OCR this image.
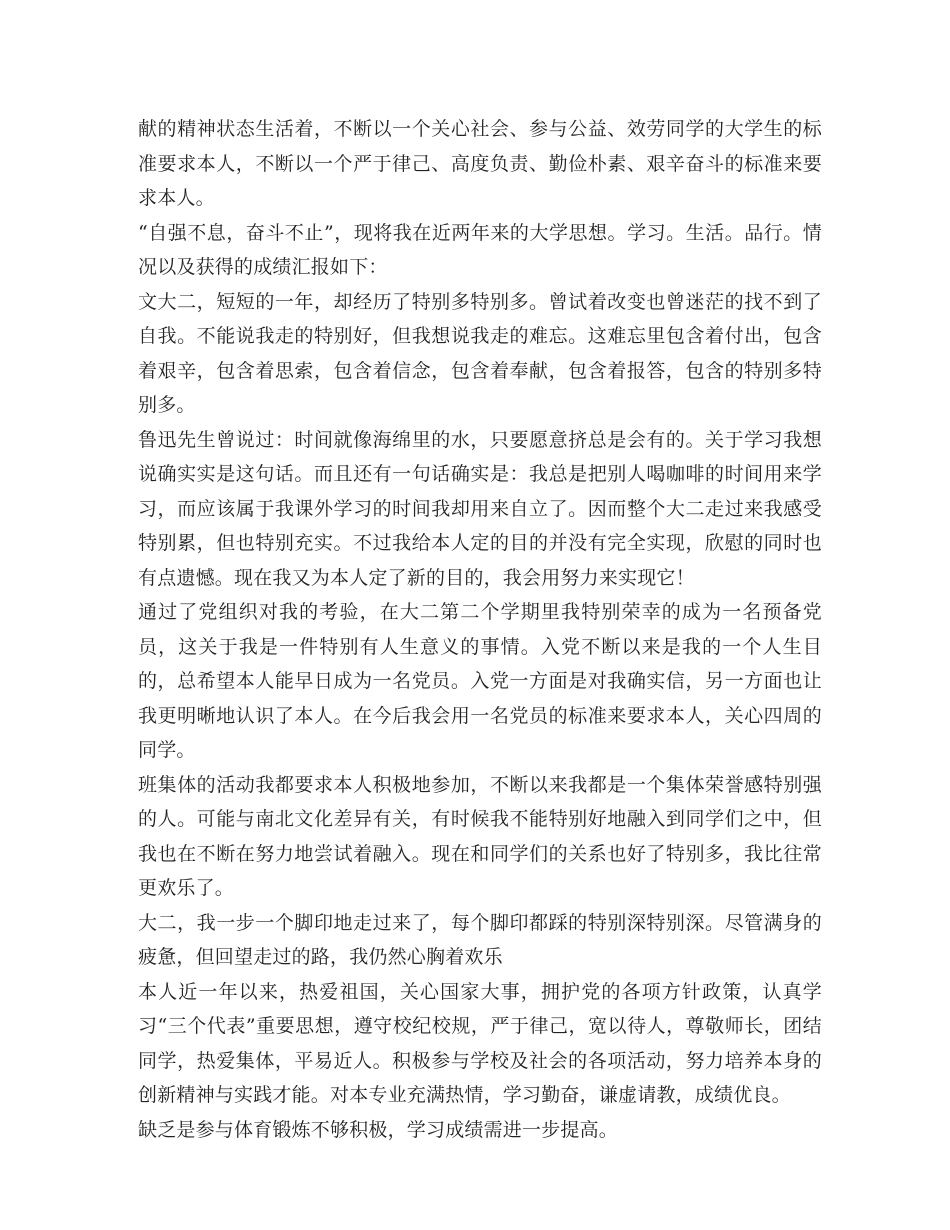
献的精神状态生活着，不断以一个关心社会、参与公益、效劳同学的大学生的标准要求本人，不断以一个严于律己、高度负责、勤俭朴素、艰辛奋斗的标准来要求本人。

“自强不息，奋斗不止”，现将我在近两年来的大学思想。学习。生活。品行。情况以及获得的成绩汇报如下：

文大二，短短的一年，却经历了特别多特别多。曾试着改变也曾迷茫的找不到了自我。不能说我走的特别好，但我想说我走的难忘。这难忘里包含着付出，包含着艰辛，包含着思索，包含着信念，包含着奉献，包含着报答，包含的特别多特别多。

鲁迅先生曾说过：时间就像海绵里的水，只要愿意挤总是会有的。关于学习我想说确实实是这句话。而且还有一句话确实是：我总是把别人喝咖啡的时间用来学习，而应该属于我课外学习的时间我却用来自立了。因而整个大二走过来我感受特别累，但也特别充实。不过我给本人定的目的并没有完全实现，欣慰的同时也有点遗憾。现在我又为本人定了新的目的，我会用努力来实现它！

通过了党组织对我的考验，在大二第二个学期里我特别荣幸的成为一名预备党员，这关于我是一件特别有人生意义的事情。入党不断以来是我的一个人生目的，总希望本人能早日成为一名党员。入党一方面是对我确实信，另一方面也让我更明晰地认识了本人。在今后我会用一名党员的标准来要求本人，关心四周的同学。

班集体的活动我都要求本人积极地参加，不断以来我都是一个集体荣誉感特别强的人。可能与南北文化差异有关，有时候我不能特别好地融入到同学们之中，但我也在不断在努力地尝试着融入。现在和同学们的关系也好了特别多，我比往常更欢乐了。

大二，我一步一个脚印地走过来了，每个脚印都踩的特别深特别深。尽管满身的疲惫，但回望走过的路，我仍然心胸着欢乐

本人近一年以来，热爱祖国，关心国家大事，拥护党的各项方针政策，认真学习“三个代表”重要思想，遵守校纪校规，严于律己，宽以待人，尊敬师长，团结同学，热爱集体，平易近人。积极参与学校及社会的各项活动，努力培养本身的创新精神与实践才能。对本专业充满热情，学习勤奋，谦虚请教，成绩优良。

缺乏是参与体育锻炼不够积极，学习成绩需进一步提高。
